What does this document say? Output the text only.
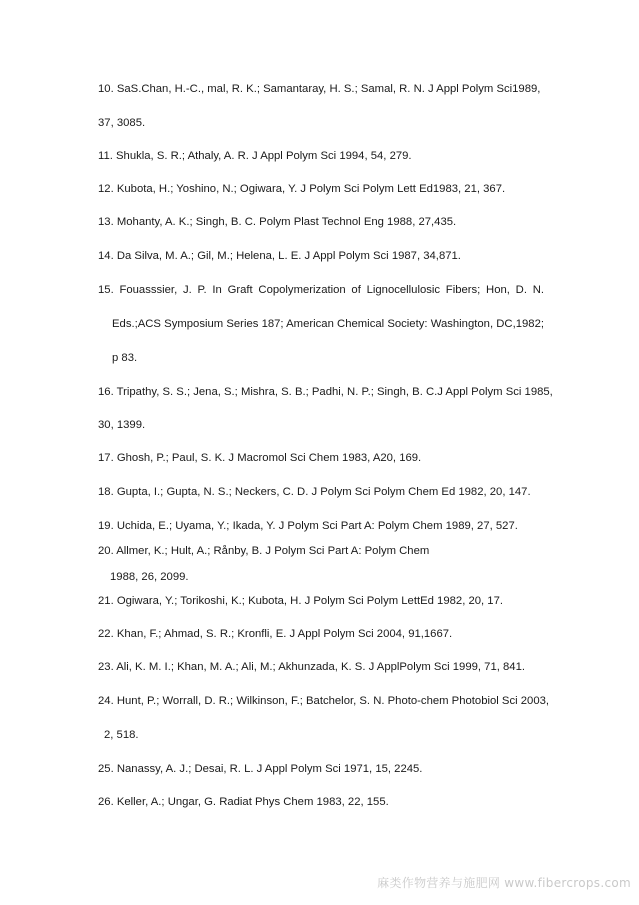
10. SaS.Chan, H.-C., mal, R. K.; Samantaray, H. S.; Samal, R. N. J Appl Polym Sci1989,
37, 3085.
11. Shukla, S. R.; Athaly, A. R. J Appl Polym Sci 1994, 54, 279.
12. Kubota, H.; Yoshino, N.; Ogiwara, Y. J Polym Sci Polym Lett Ed1983, 21, 367.
13. Mohanty, A. K.; Singh, B. C. Polym Plast Technol Eng 1988, 27,435.
14. Da Silva, M. A.; Gil, M.; Helena, L. E. J Appl Polym Sci 1987, 34,871.
15. Fouasssier, J. P. In Graft Copolymerization of Lignocellulosic Fibers; Hon, D. N.
Eds.;ACS Symposium Series 187; American Chemical Society: Washington, DC,1982;
p 83.
16. Tripathy, S. S.; Jena, S.; Mishra, S. B.; Padhi, N. P.; Singh, B. C.J Appl Polym Sci 1985,
30, 1399.
17. Ghosh, P.; Paul, S. K. J Macromol Sci Chem 1983, A20, 169.
18. Gupta, I.; Gupta, N. S.; Neckers, C. D. J Polym Sci Polym Chem Ed 1982, 20, 147.
19. Uchida, E.; Uyama, Y.; Ikada, Y. J Polym Sci Part A: Polym Chem 1989, 27, 527.
20. Allmer, K.; Hult, A.; Rånby, B. J Polym Sci Part A: Polym Chem
1988, 26, 2099.
21. Ogiwara, Y.; Torikoshi, K.; Kubota, H. J Polym Sci Polym LettEd 1982, 20, 17.
22. Khan, F.; Ahmad, S. R.; Kronfli, E. J Appl Polym Sci 2004, 91,1667.
23. Ali, K. M. I.; Khan, M. A.; Ali, M.; Akhunzada, K. S. J ApplPolym Sci 1999, 71, 841.
24. Hunt, P.; Worrall, D. R.; Wilkinson, F.; Batchelor, S. N. Photo-chem Photobiol Sci 2003,
2, 518.
25. Nanassy, A. J.; Desai, R. L. J Appl Polym Sci 1971, 15, 2245.
26. Keller, A.; Ungar, G. Radiat Phys Chem 1983, 22, 155.
麻类作物营养与施肥网 www.fibercrops.com
